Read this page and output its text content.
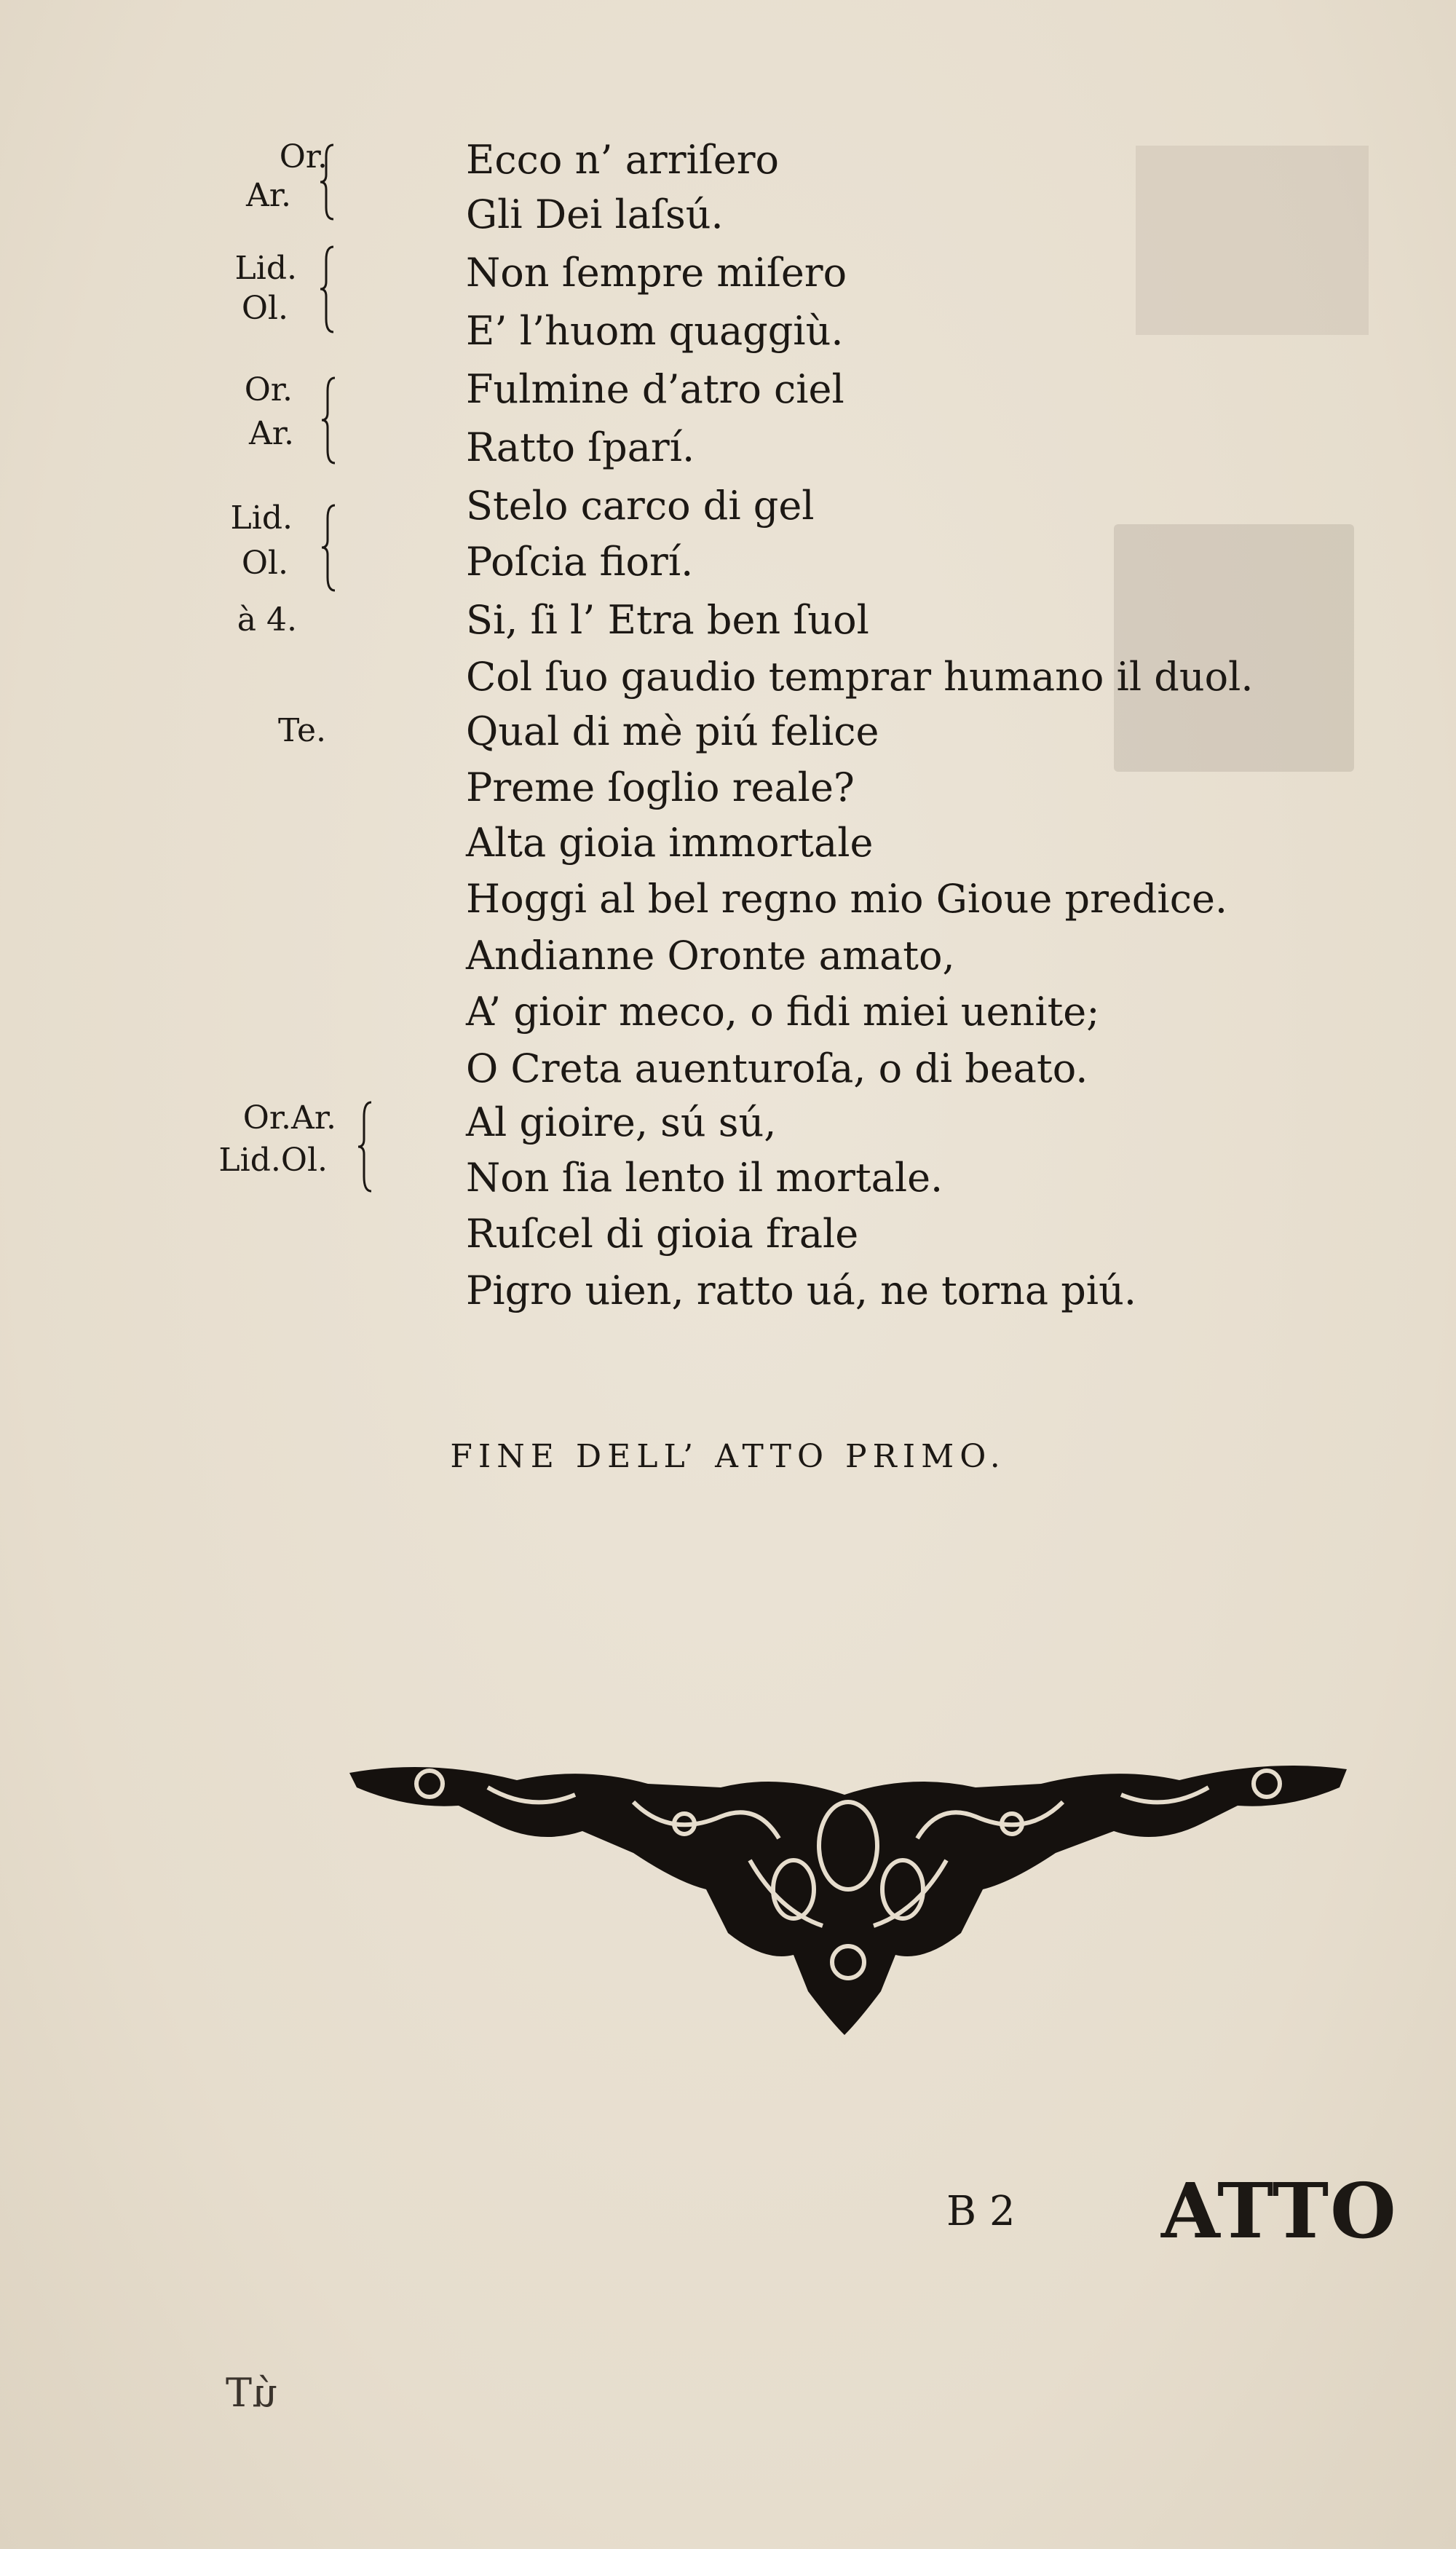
Or.
Ar.
Lid.
Ol.
Or.
Ar.
Lid.
Ol.
à 4.
Te.
Or.Ar.
Lid.Ol.
Ecco n’ arriſero
Gli Dei laſsú.
Non ſempre miſero
E’ l’huom quaggiù.
Fulmine d’atro ciel
Ratto ſparí.
Stelo carco di gel
Poſcia fiorí.
Si, ſi l’ Etra ben ſuol
Col ſuo gaudio temprar humano il duol.
Qual di mè piú felice
Preme ſoglio reale?
Alta gioia immortale
Hoggi al bel regno mio Gioue predice.
Andianne Oronte amato,
A’ gioir meco, o fidi miei uenite;
O Creta auenturoſa, o di beato.
Al gioire, sú sú,
Non ſia lento il mortale.
Ruſcel di gioia frale
Pigro uien, ratto uá, ne torna piú.
FINE DELL’ ATTO PRIMO.
B 2 ATTO
úT
